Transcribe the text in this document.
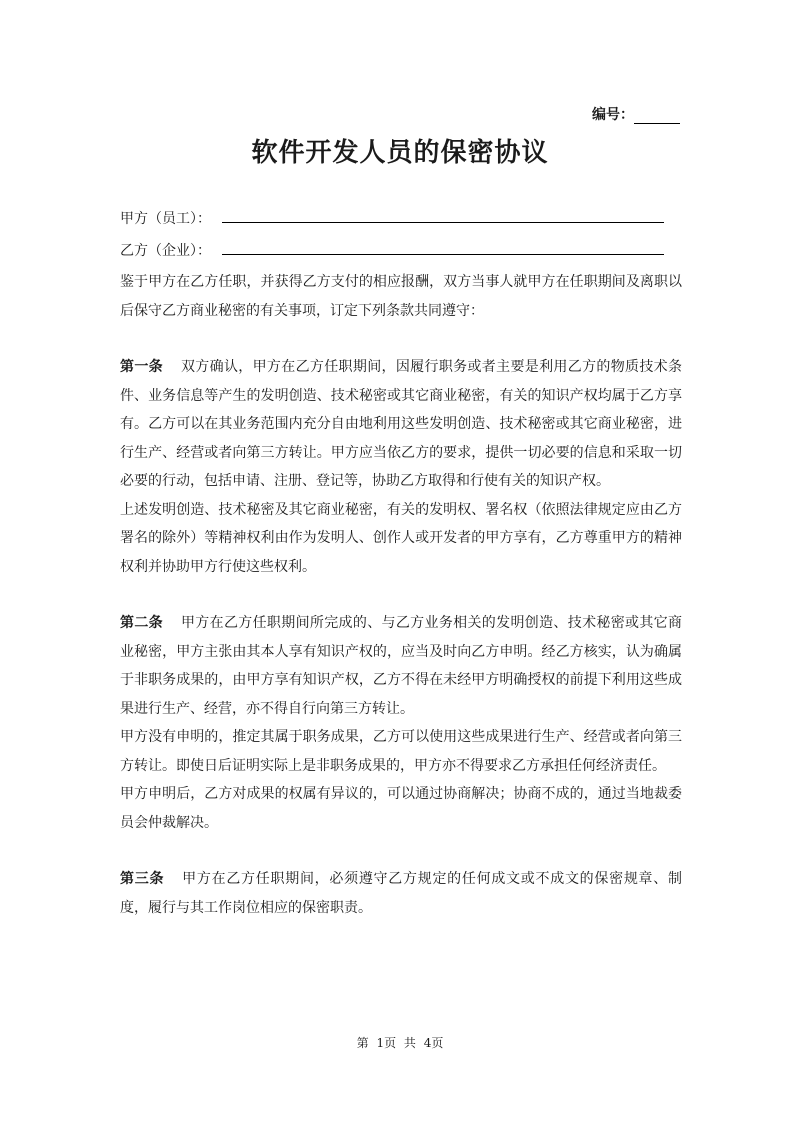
编号：
软件开发人员的保密协议
甲方（员工）：
乙方（企业）：

鉴于甲方在乙方任职，并获得乙方支付的相应报酬，双方当事人就甲方在任职期间及离职以后保守乙方商业秘密的有关事项，订定下列条款共同遵守：

第一条 双方确认，甲方在乙方任职期间，因履行职务或者主要是利用乙方的物质技术条件、业务信息等产生的发明创造、技术秘密或其它商业秘密，有关的知识产权均属于乙方享有。乙方可以在其业务范围内充分自由地利用这些发明创造、技术秘密或其它商业秘密，进行生产、经营或者向第三方转让。甲方应当依乙方的要求，提供一切必要的信息和采取一切必要的行动，包括申请、注册、登记等，协助乙方取得和行使有关的知识产权。

上述发明创造、技术秘密及其它商业秘密，有关的发明权、署名权（依照法律规定应由乙方署名的除外）等精神权利由作为发明人、创作人或开发者的甲方享有，乙方尊重甲方的精神权利并协助甲方行使这些权利。

第二条 甲方在乙方任职期间所完成的、与乙方业务相关的发明创造、技术秘密或其它商业秘密，甲方主张由其本人享有知识产权的，应当及时向乙方申明。经乙方核实，认为确属于非职务成果的，由甲方享有知识产权，乙方不得在未经甲方明确授权的前提下利用这些成果进行生产、经营，亦不得自行向第三方转让。

甲方没有申明的，推定其属于职务成果，乙方可以使用这些成果进行生产、经营或者向第三方转让。即使日后证明实际上是非职务成果的，甲方亦不得要求乙方承担任何经济责任。

甲方申明后，乙方对成果的权属有异议的，可以通过协商解决；协商不成的，通过当地裁委员会仲裁解决。

第三条 甲方在乙方任职期间，必须遵守乙方规定的任何成文或不成文的保密规章、制度，履行与其工作岗位相应的保密职责。

第 1页 共 4页
